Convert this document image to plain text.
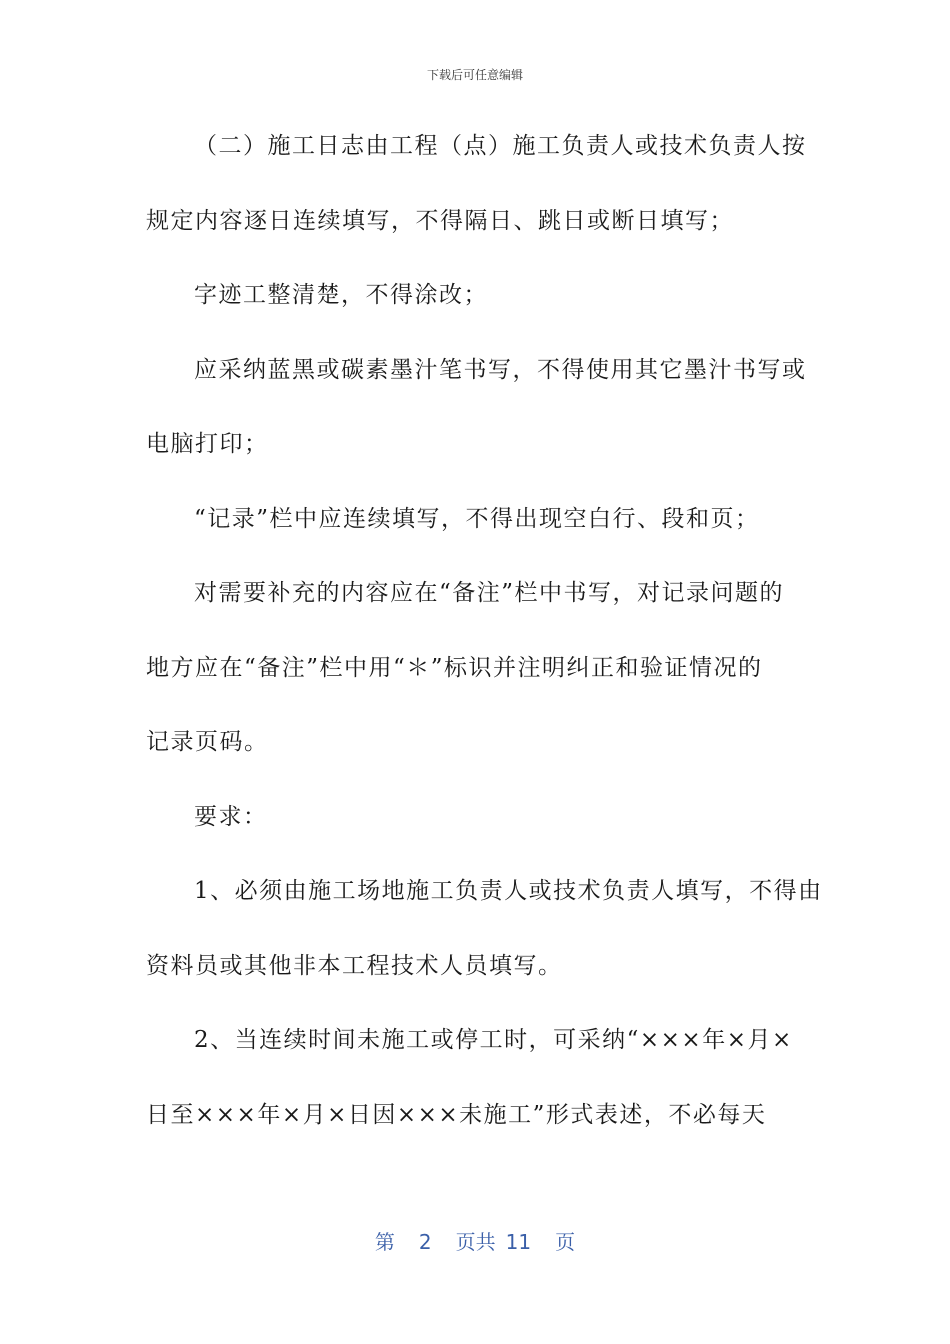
下载后可任意编辑
（二）施工日志由工程（点）施工负责人或技术负责人按
规定内容逐日连续填写，不得隔日、跳日或断日填写；
字迹工整清楚，不得涂改；
应采纳蓝黑或碳素墨汁笔书写，不得使用其它墨汁书写或
电脑打印；
“记录”栏中应连续填写，不得出现空白行、段和页；
对需要补充的内容应在“备注”栏中书写，对记录问题的
地方应在“备注”栏中用“＊”标识并注明纠正和验证情况的
记录页码。
要求：
1、必须由施工场地施工负责人或技术负责人填写，不得由
资料员或其他非本工程技术人员填写。
2、当连续时间未施工或停工时，可采纳“×××年×月×
日至×××年×月×日因×××未施工”形式表述，不必每天
第 2 页共 11 页
